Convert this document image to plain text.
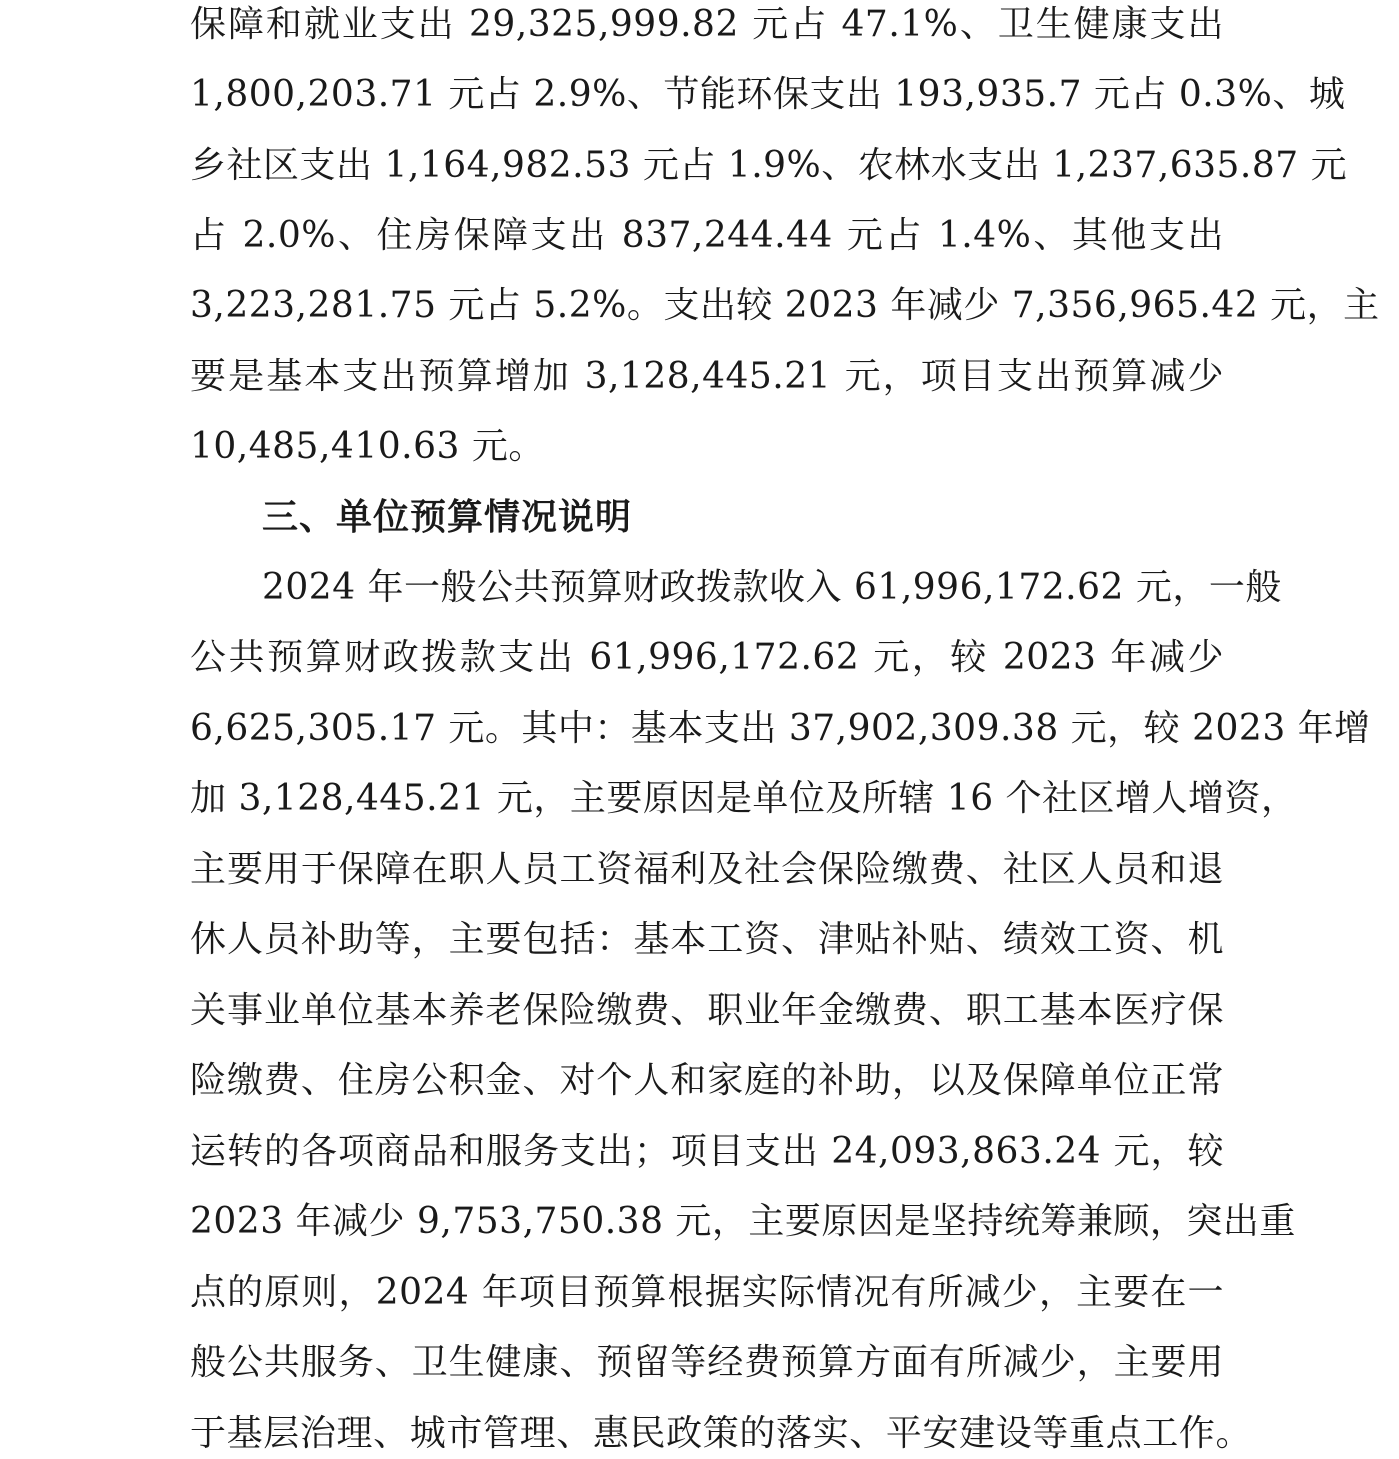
保障和就业支出 29,325,999.82 元占 47.1%、卫生健康支出
1,800,203.71 元占 2.9%、节能环保支出 193,935.7 元占 0.3%、城
乡社区支出 1,164,982.53 元占 1.9%、农林水支出 1,237,635.87 元
占 2.0%、住房保障支出 837,244.44 元占 1.4%、其他支出
3,223,281.75 元占 5.2%。支出较 2023 年减少 7,356,965.42 元，主
要是基本支出预算增加 3,128,445.21 元，项目支出预算减少
10,485,410.63 元。
三、单位预算情况说明
2024 年一般公共预算财政拨款收入 61,996,172.62 元，一般
公共预算财政拨款支出 61,996,172.62 元，较 2023 年减少
6,625,305.17 元。其中：基本支出 37,902,309.38 元，较 2023 年增
加 3,128,445.21 元，主要原因是单位及所辖 16 个社区增人增资，
主要用于保障在职人员工资福利及社会保险缴费、社区人员和退
休人员补助等，主要包括：基本工资、津贴补贴、绩效工资、机
关事业单位基本养老保险缴费、职业年金缴费、职工基本医疗保
险缴费、住房公积金、对个人和家庭的补助，以及保障单位正常
运转的各项商品和服务支出；项目支出 24,093,863.24 元，较
2023 年减少 9,753,750.38 元，主要原因是坚持统筹兼顾，突出重
点的原则，2024 年项目预算根据实际情况有所减少，主要在一
般公共服务、卫生健康、预留等经费预算方面有所减少，主要用
于基层治理、城市管理、惠民政策的落实、平安建设等重点工作。
